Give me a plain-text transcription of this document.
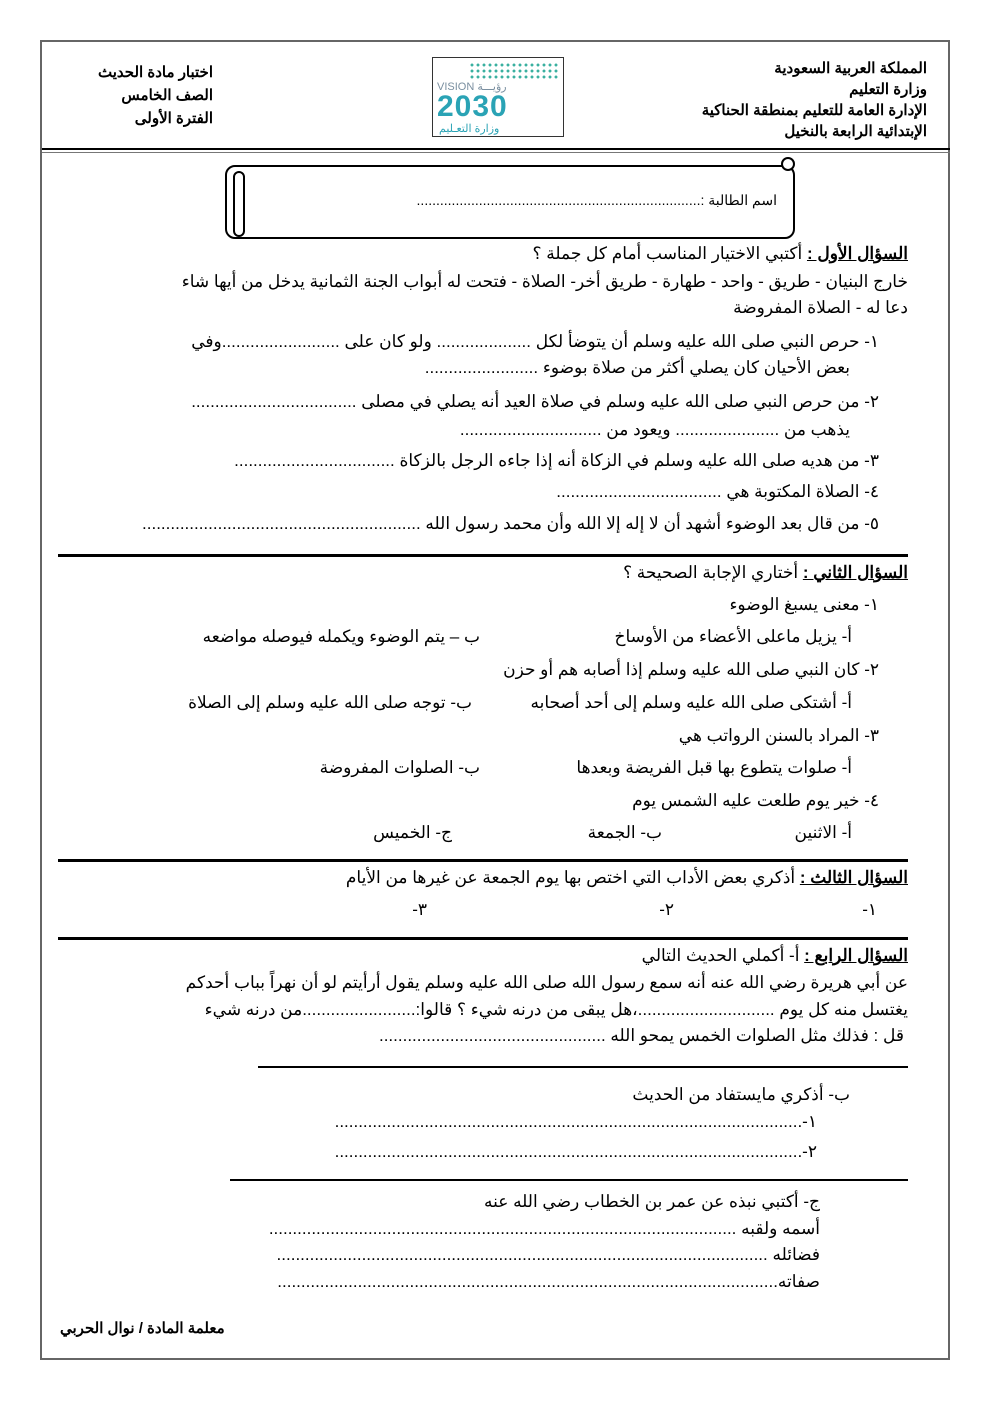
المملكة العربية السعودية
وزارة التعليم
الإدارة العامة للتعليم بمنطقة الحناكية
الإبتدائية الرابعة بالنخيل
اختبار مادة الحديث
الصف الخامس
الفترة الأولى
VISION رؤيـــة
2030
وزارة التعـليم
اسم الطالبة :.........................................................................
السؤال الأول : أكتبي الاختيار المناسب أمام كل جملة ؟
خارج البنيان - طريق - واحد - طهارة - طريق أخر- الصلاة - فتحت له أبواب الجنة الثمانية يدخل من أيها شاء
دعا له - الصلاة المفروضة
١- حرص النبي صلى الله عليه وسلم أن يتوضأ لكل .................... ولو كان على .........................وفي
بعض الأحيان كان يصلي أكثر من صلاة بوضوء ........................
٢- من حرص النبي صلى الله عليه وسلم في صلاة العيد أنه يصلي في مصلى ...................................
يذهب من ...................... ويعود من ..............................
٣- من هديه صلى الله عليه وسلم في الزكاة أنه إذا جاءه الرجل بالزكاة ..................................
٤- الصلاة المكتوبة هي ...................................
٥- من قال بعد الوضوء أشهد أن لا إله إلا الله وأن محمد رسول الله ...........................................................
السؤال الثاني : أختاري الإجابة الصحيحة ؟
١- معنى يسبغ الوضوء
أ- يزيل ماعلى الأعضاء من الأوساخ
ب – يتم الوضوء ويكمله فيوصله مواضعه
٢- كان النبي صلى الله عليه وسلم إذا أصابه هم أو حزن
أ- أشتكى صلى الله عليه وسلم إلى أحد أصحابه
ب- توجه صلى الله عليه وسلم إلى الصلاة
٣- المراد بالسنن الرواتب هي
أ- صلوات يتطوع بها قبل الفريضة وبعدها
ب- الصلوات المفروضة
٤- خير يوم طلعت عليه الشمس يوم
أ- الاثنين
ب- الجمعة
ج- الخميس
السؤال الثالث : أذكري بعض الأداب التي اختص بها يوم الجمعة عن غيرها من الأيام
١-
٢-
٣-
السؤال الرابع : أ- أكملي الحديث التالي
عن أبي هريرة رضي الله عنه أنه سمع رسول الله صلى الله عليه وسلم يقول أرأيتم لو أن نهراً بباب أحدكم
يغتسل منه كل يوم .............................،هل يبقى من درنه شيء ؟ قالوا:........................من درنه شيء
قل : فذلك مثل الصلوات الخمس يمحو الله ................................................
ب- أذكري مايستفاد من الحديث
١-...................................................................................................
٢-...................................................................................................
ج- أكتبي نبذه عن عمر بن الخطاب رضي الله عنه
أسمه ولقبه ...................................................................................................
فضائله ........................................................................................................
صفاته..........................................................................................................
معلمة المادة / نوال الحربي
